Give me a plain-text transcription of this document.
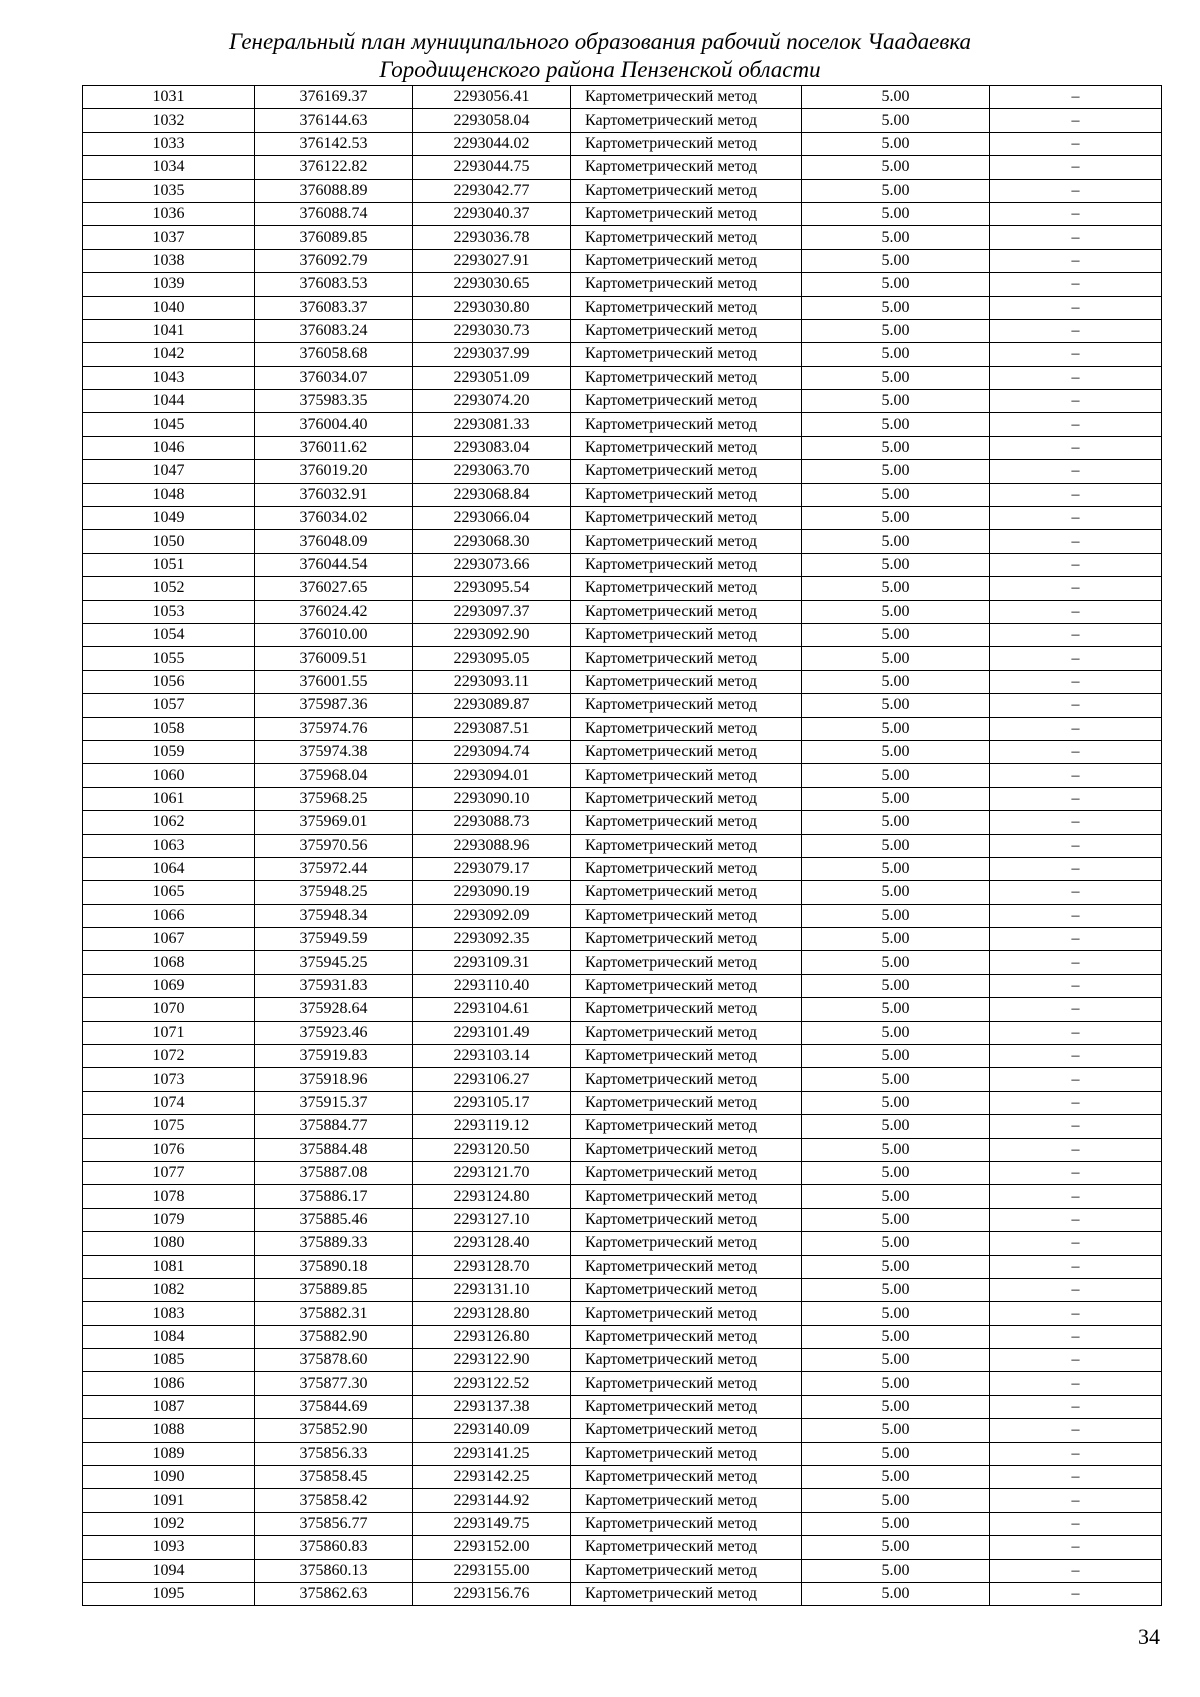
Генеральный план муниципального образования рабочий поселок Чаадаевка
Городищенского района Пензенской области
1031	376169.37	2293056.41	Картометрический метод	5.00	–
1032	376144.63	2293058.04	Картометрический метод	5.00	–
1033	376142.53	2293044.02	Картометрический метод	5.00	–
1034	376122.82	2293044.75	Картометрический метод	5.00	–
1035	376088.89	2293042.77	Картометрический метод	5.00	–
1036	376088.74	2293040.37	Картометрический метод	5.00	–
1037	376089.85	2293036.78	Картометрический метод	5.00	–
1038	376092.79	2293027.91	Картометрический метод	5.00	–
1039	376083.53	2293030.65	Картометрический метод	5.00	–
1040	376083.37	2293030.80	Картометрический метод	5.00	–
1041	376083.24	2293030.73	Картометрический метод	5.00	–
1042	376058.68	2293037.99	Картометрический метод	5.00	–
1043	376034.07	2293051.09	Картометрический метод	5.00	–
1044	375983.35	2293074.20	Картометрический метод	5.00	–
1045	376004.40	2293081.33	Картометрический метод	5.00	–
1046	376011.62	2293083.04	Картометрический метод	5.00	–
1047	376019.20	2293063.70	Картометрический метод	5.00	–
1048	376032.91	2293068.84	Картометрический метод	5.00	–
1049	376034.02	2293066.04	Картометрический метод	5.00	–
1050	376048.09	2293068.30	Картометрический метод	5.00	–
1051	376044.54	2293073.66	Картометрический метод	5.00	–
1052	376027.65	2293095.54	Картометрический метод	5.00	–
1053	376024.42	2293097.37	Картометрический метод	5.00	–
1054	376010.00	2293092.90	Картометрический метод	5.00	–
1055	376009.51	2293095.05	Картометрический метод	5.00	–
1056	376001.55	2293093.11	Картометрический метод	5.00	–
1057	375987.36	2293089.87	Картометрический метод	5.00	–
1058	375974.76	2293087.51	Картометрический метод	5.00	–
1059	375974.38	2293094.74	Картометрический метод	5.00	–
1060	375968.04	2293094.01	Картометрический метод	5.00	–
1061	375968.25	2293090.10	Картометрический метод	5.00	–
1062	375969.01	2293088.73	Картометрический метод	5.00	–
1063	375970.56	2293088.96	Картометрический метод	5.00	–
1064	375972.44	2293079.17	Картометрический метод	5.00	–
1065	375948.25	2293090.19	Картометрический метод	5.00	–
1066	375948.34	2293092.09	Картометрический метод	5.00	–
1067	375949.59	2293092.35	Картометрический метод	5.00	–
1068	375945.25	2293109.31	Картометрический метод	5.00	–
1069	375931.83	2293110.40	Картометрический метод	5.00	–
1070	375928.64	2293104.61	Картометрический метод	5.00	–
1071	375923.46	2293101.49	Картометрический метод	5.00	–
1072	375919.83	2293103.14	Картометрический метод	5.00	–
1073	375918.96	2293106.27	Картометрический метод	5.00	–
1074	375915.37	2293105.17	Картометрический метод	5.00	–
1075	375884.77	2293119.12	Картометрический метод	5.00	–
1076	375884.48	2293120.50	Картометрический метод	5.00	–
1077	375887.08	2293121.70	Картометрический метод	5.00	–
1078	375886.17	2293124.80	Картометрический метод	5.00	–
1079	375885.46	2293127.10	Картометрический метод	5.00	–
1080	375889.33	2293128.40	Картометрический метод	5.00	–
1081	375890.18	2293128.70	Картометрический метод	5.00	–
1082	375889.85	2293131.10	Картометрический метод	5.00	–
1083	375882.31	2293128.80	Картометрический метод	5.00	–
1084	375882.90	2293126.80	Картометрический метод	5.00	–
1085	375878.60	2293122.90	Картометрический метод	5.00	–
1086	375877.30	2293122.52	Картометрический метод	5.00	–
1087	375844.69	2293137.38	Картометрический метод	5.00	–
1088	375852.90	2293140.09	Картометрический метод	5.00	–
1089	375856.33	2293141.25	Картометрический метод	5.00	–
1090	375858.45	2293142.25	Картометрический метод	5.00	–
1091	375858.42	2293144.92	Картометрический метод	5.00	–
1092	375856.77	2293149.75	Картометрический метод	5.00	–
1093	375860.83	2293152.00	Картометрический метод	5.00	–
1094	375860.13	2293155.00	Картометрический метод	5.00	–
1095	375862.63	2293156.76	Картометрический метод	5.00	–
34
